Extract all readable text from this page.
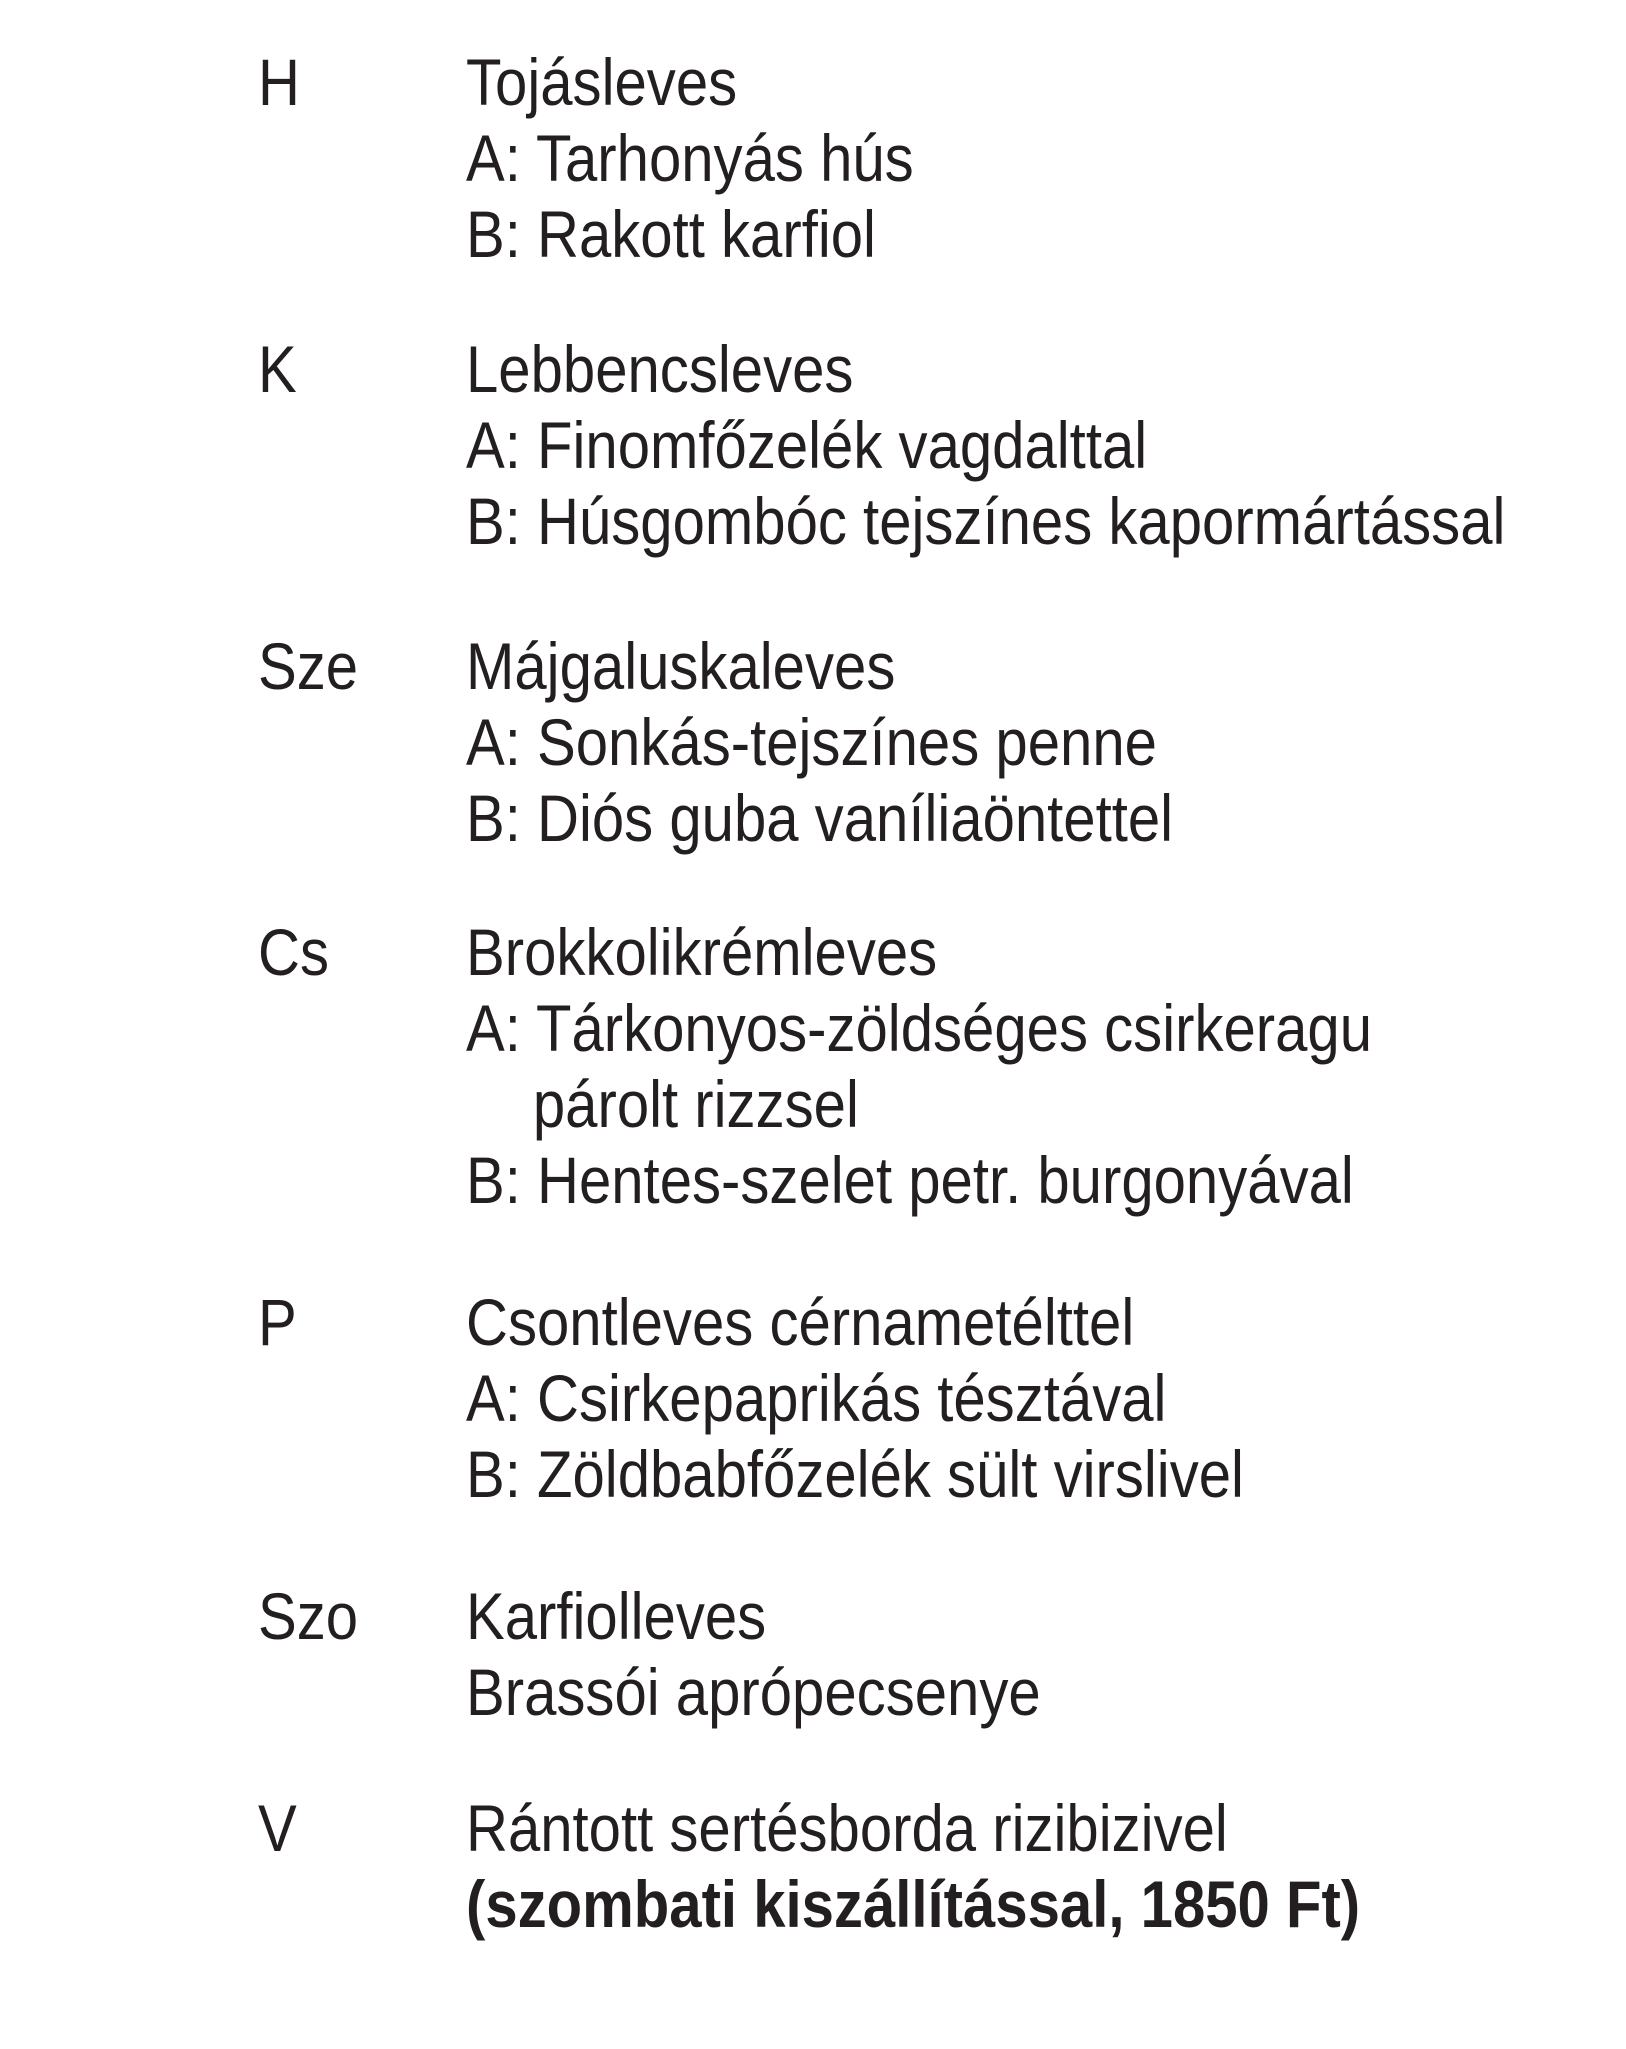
H	Tojásleves
A: Tarhonyás hús
B: Rakott karfiol
K	Lebbencsleves
A: Finomfőzelék vagdalttal
B: Húsgombóc tejszínes kapormártással
Sze Májgaluskaleves
A: Sonkás-tejszínes penne
B: Diós guba vaníliaöntettel
Cs Brokkolikrémleves
A: Tárkonyos-zöldséges csirkeragu
párolt rizzsel
B: Hentes-szelet petr. burgonyával
P	Csontleves cérnametélttel
A: Csirkepaprikás tésztával
B: Zöldbabfőzelék sült virslivel
Szo Karfiolleves
Brassói aprópecsenye
V	Rántott sertésborda rizibizivel
(szombati kiszállítással, 1850 Ft)
